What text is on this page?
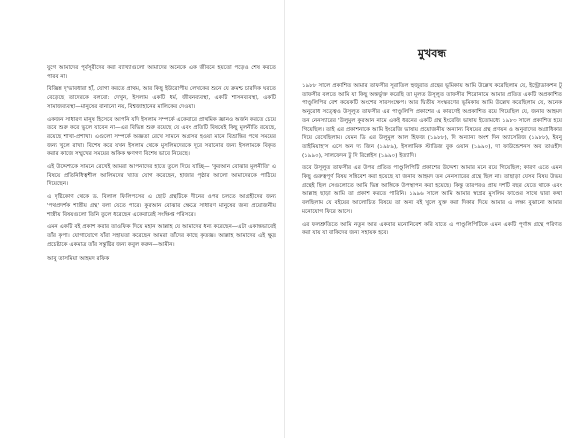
যুগে আমাদের পূর্বসূরীদের করা ব্যাখ্যাগুলো আমাদের অনেকে এক জীবনে হয়তো পড়েও শেষ করতে পারব না।

বিজ্ঞিন্ন দৃ'ভাবধারা হাঁ, যোগা করতে প্রাথম, আর কিছু ইউরোপীয় লেখকের শুনে যে ক্রমশ্চ চারদিক ঘরতে বেড়েছে তাদেরকে বলবো: দেখুন, ইসলাম একটি ধর্ম, জীবনব্যবস্থা, একটি শাসনব্যবস্থা, একটি সামাজব্যবস্থা—মানুষের বানানো নয়, বিশ্বজাহানের মালিকের দেওয়া।

একজন সাধারণ মানুষ হিসেবে আপনি যদি ইসলাম সম্পর্কে একেবারে প্রাথমিক জ্ঞানও অর্জন করতে চেয়ে তবে শুরু করে ভুলে যাবেন না—এর বিভিন্ন শুরু রয়েছে যে এবং প্রতিটি বিষয়েই কিছু মূলনীতি রয়েছে, রয়েছে শাখা-প্রশাখা। এগুলো সম্পর্কে অজ্ঞতা রেখে সামনে অগ্রসর হওয়া মানে বিভ্রান্তির পথে সময়ের জন্য খুলে রাখা। বিশেষ করে যখন ইসলাম থেকে মুসলিমদেরকে দূরে সরানোর জন্য ইসলামকে বিকৃত করার কাজে সম্মুখের সময়ের অকিক ক্ষণগণ বিশেষ ভাবে নিয়েছে।

এই উদ্দেশ্যকে সামনে রেখেই আমরা আপনাদের হাতে তুলে দিয়ে যাচ্ছি— 'কুরআন বোঝার মূলনীতি' এ বিষয়ে প্রতিনিধিত্বশীল আলিমদের খ্যাত যোগ করেছেন, হাজার পৃষ্ঠার আলো আমাদেরকে পাঠিয়ে দিয়েছেন।

এ দৃষ্টিকোণ থেকে ড. বিলাল ফিলিপসের এ ছোট গ্রন্থটিকে দীনের ওপর চলতে আগ্রহীদের জন্য 'পথপ্রদর্শক শাস্ত্রীয় গ্রন্থ' বলা যেতে পারে। কুরআন বোঝার ক্ষেত্রে সাধারণ মানুষের জন্য প্রয়োজনীয় শাস্ত্রীয় বিষয়গুলো তিনি তুলে ধরেছেন একেবারেই সংক্ষিপ্ত পরিসরে।

এমন একটি বই প্রকাশ করার তাওফিক দিয়ে মহান আল্লাহ যে আমাদের ধন্য করেছেন—এটা একান্তভাবেই তাঁর কৃপা। যোগাযোগে যাঁরা সহায়তা করেছেন আমরা তাঁদের কাছে কৃতজ্ঞ। আল্লাহ আমাদের এই ক্ষুদ্র প্রচেষ্টাকে একমাত্র তাঁর সন্তুষ্টির জন্য কবুল করুন—আমীন।

আবু তাসমিয়া আহমদ রফিক

মুখবন্ধ

১৯৮৮ সালে প্রকাশিত আমার তাফসীর সূরাতিল হুজুরাত গ্রন্থের ভূমিকায় আমি উল্লেখ করেছিলাম যে, ইন্ট্রোডাকশন টু তাফসীর বলতে আমি যা কিছু অন্তর্ভুক্ত করেছি তা মূলত উসূলুত তাফসীর শিরোনামে আমার প্রতিত একটি অপ্রকাশিত পাণ্ডুলিপির বেশ কয়েকটি অংশের সারসংক্ষেপ। আর দ্বিতীয় সংস্করণের ভূমিকায় আমি উল্লেখ করেছিলাম যে, অনেক অনুরোধ সত্ত্বেও উসূলুত তাফসীর এর পাণ্ডুলিপি প্রকাশের এ কারণেই অপ্রকাশিত রয়ে গিয়েছিল যে, জনাব আহমদ তন নেনস্যারের 'উলুমুল কুরআন নামে একই ধরনের একটি গ্রন্থ ইংরেজি ভাষায় ইতোমধ্যে ১৯৮৩ সালে প্রকাশিত হয়ে গিয়েছিল। তাই এর প্রকাশনাকে আমি ইংরেজি ভাষায় প্রয়োজনীয় অন্যান্য বিষয়ের গ্রন্থ প্রণয়ন ও অনুবাদের অগ্রাধিকার দিয়ে রেখেছিলাম। যেমন ডি এর উলুমুল আল হিফজ (১৯৮৮), দি অন্যান্য অংশ দিন অ্যাসেরিজ (১৯৮৮), ইবনু তাইমিয়াহ'স এসে অন দ্য জিন (১৯৮৯), ইসলামিক স্টাডিজ বুক ওয়ান (১৯৯০), দা ফাউন্ডেশনস অব তাওহীদ (১৯৯০), সালফেদন টু দি রিপ্লেইস (১৯৯০) ইত্যাদি।

তবে উসূলুত তাফসীর এর উপর প্রতিত পাণ্ডুলিপিটি প্রকাশের উদ্দেশ্য আমার মনে রয়ে গিয়েছিল; কারণ এতে এমন কিছু গুরুত্বপূর্ণ বিষয় সন্নিবেশ করা হয়েছে যা জনাব আহমদ তন নেনস্যারের গ্রন্থে ছিল না। তাছাড়া যেসব বিষয় উভয় গ্রন্থেই ছিল সেগুলোতে আমি ভিন্ন আঙ্গিকে উপস্থাপন করা হয়েছে। কিন্তু তারপরও প্রায় দশটি বছর যেতে থাকে এবং আল্লাহ ছাড়া আমি তা প্রকাশ করতে পারিনি। ১৯৯৬ সালে আমি আমার স্বপ্নের মুসলিম ফাণ্ডের সাথে দ্বারা কথা বলছিলাম যে বইয়ের আলোচিত বিষয়ে তা অন্য বই খুলে যুক্ত করা দিকার দিয়ে আমার এ লক্ষ্য বুঝানো আমার মনোযোগ ফিরে আসে।

এর ফলশ্রুতিতে আমি নতুন আর একবার মনোনিবেশ করি যাতে এ পাণ্ডুলিপিটিকে এমন একটি পূর্ণাঙ্গ গ্রন্থে পরিণত করা যায় যা বাকিদের জন্য সহায়ক হবে।
